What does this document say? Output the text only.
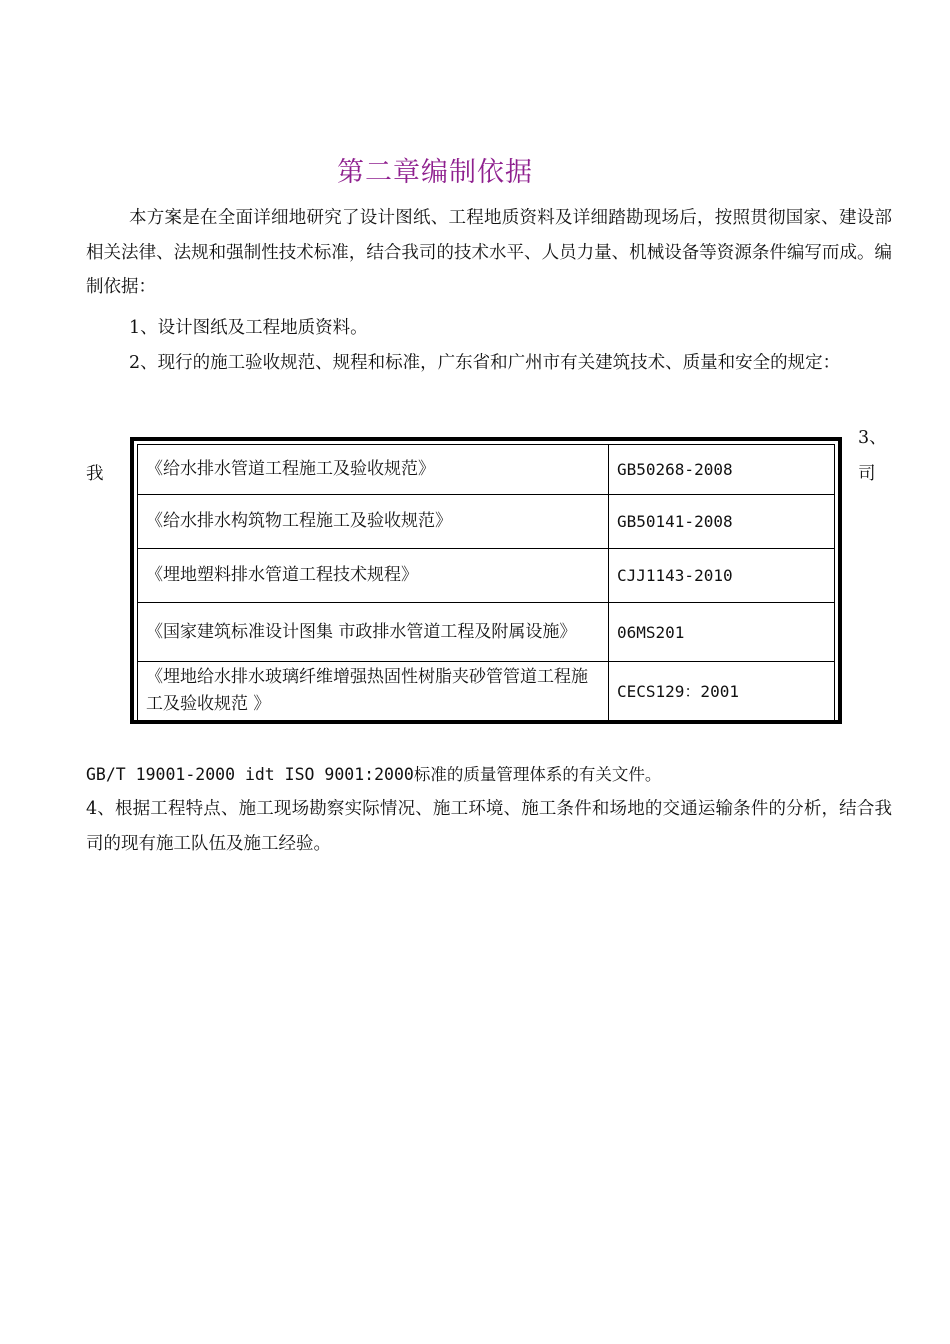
第二章编制依据

本方案是在全面详细地研究了设计图纸、工程地质资料及详细踏勘现场后，按照贯彻国家、建设部相关法律、法规和强制性技术标准，结合我司的技术水平、人员力量、机械设备等资源条件编写而成。编制依据：

1、设计图纸及工程地质资料。

2、现行的施工验收规范、规程和标准，广东省和广州市有关建筑技术、质量和安全的规定：

3、
我	司
《给水排水管道工程施工及验收规范》	GB50268-2008
《给水排水构筑物工程施工及验收规范》	GB50141-2008
《埋地塑料排水管道工程技术规程》	CJJ1143-2010
《国家建筑标准设计图集 市政排水管道工程及附属设施》	06MS201
《埋地给水排水玻璃纤维增强热固性树脂夹砂管管道工程施工及验收规范 》	CECS129：2001

GB/T 19001-2000 idt ISO 9001:2000标准的质量管理体系的有关文件。

4、根据工程特点、施工现场勘察实际情况、施工环境、施工条件和场地的交通运输条件的分析，结合我司的现有施工队伍及施工经验。
